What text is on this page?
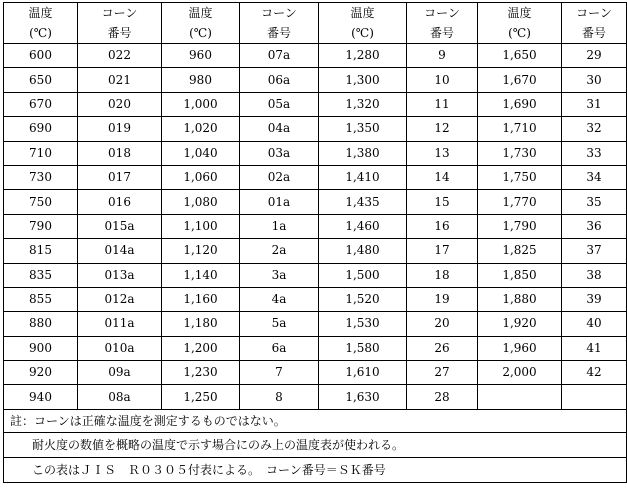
温度	コーン	温度	コーン	温度	コーン	温度	コーン
(℃)	番号	(℃)	番号	(℃)	番号	(℃)	番号
600	022	960	07a	1,280	9	1,650	29
650	021	980	06a	1,300	10	1,670	30
670	020	1,000	05a	1,320	11	1,690	31
690	019	1,020	04a	1,350	12	1,710	32
710	018	1,040	03a	1,380	13	1,730	33
730	017	1,060	02a	1,410	14	1,750	34
750	016	1,080	01a	1,435	15	1,770	35
790	015a	1,100	1a	1,460	16	1,790	36
815	014a	1,120	2a	1,480	17	1,825	37
835	013a	1,140	3a	1,500	18	1,850	38
855	012a	1,160	4a	1,520	19	1,880	39
880	011a	1,180	5a	1,530	20	1,920	40
900	010a	1,200	6a	1,580	26	1,960	41
920	09a	1,230	7	1,610	27	2,000	42
940	08a	1,250	8	1,630	28		
註：コーンは正確な温度を測定するものではない。							
耐火度の数値を概略の温度で示す場合にのみ上の温度表が使われる。							
この表はＪＩＳ　Ｒ０３０５付表による。　コーン番号＝ＳＫ番号							
